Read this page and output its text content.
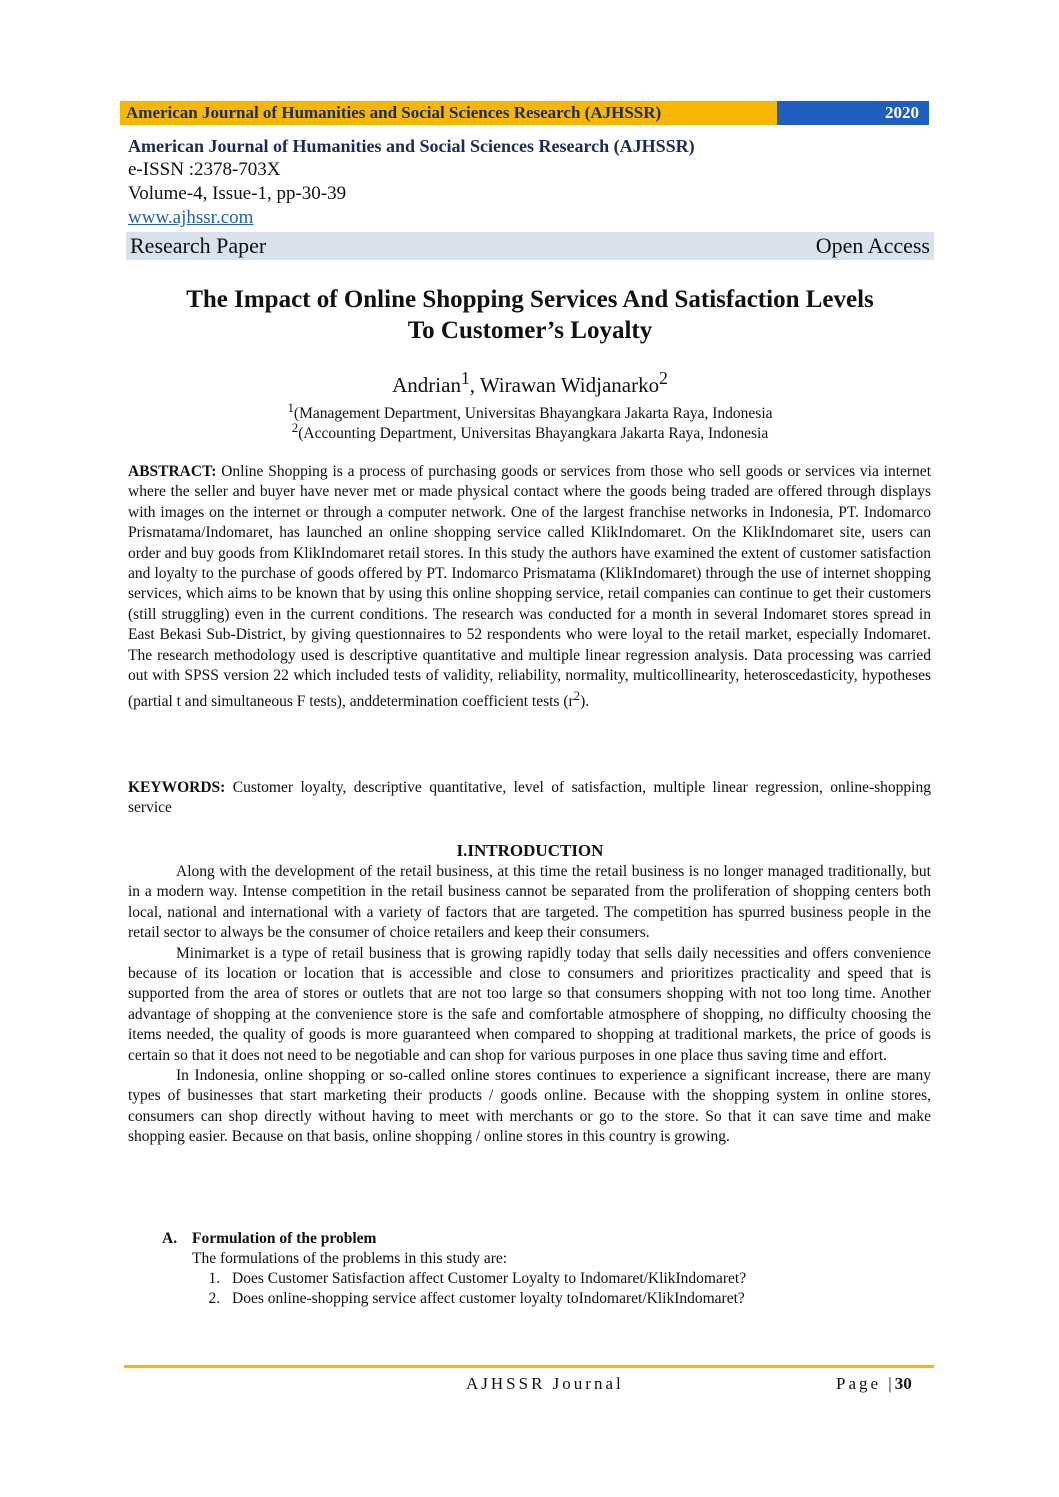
American Journal of Humanities and Social Sciences Research (AJHSSR)	2020
American Journal of Humanities and Social Sciences Research (AJHSSR)
e-ISSN :2378-703X
Volume-4, Issue-1, pp-30-39
www.ajhssr.com
Research Paper	Open Access
The Impact of Online Shopping Services And Satisfaction Levels
To Customer’s Loyalty
Andrian$^1$, Wirawan Widjanarko$^2$
$^1$(Management Department, Universitas Bhayangkara Jakarta Raya, Indonesia
$^2$(Accounting Department, Universitas Bhayangkara Jakarta Raya, Indonesia

ABSTRACT: Online Shopping is a process of purchasing goods or services from those who sell goods or services via internet where the seller and buyer have never met or made physical contact where the goods being traded are offered through displays with images on the internet or through a computer network. One of the largest franchise networks in Indonesia, PT. Indomarco Prismatama/Indomaret, has launched an online shopping service called KlikIndomaret. On the KlikIndomaret site, users can order and buy goods from KlikIndomaret retail stores. In this study the authors have examined the extent of customer satisfaction and loyalty to the purchase of goods offered by PT. Indomarco Prismatama (KlikIndomaret) through the use of internet shopping services, which aims to be known that by using this online shopping service, retail companies can continue to get their customers (still struggling) even in the current conditions. The research was conducted for a month in several Indomaret stores spread in East Bekasi Sub-District, by giving questionnaires to 52 respondents who were loyal to the retail market, especially Indomaret. The research methodology used is descriptive quantitative and multiple linear regression analysis. Data processing was carried out with SPSS version 22 which included tests of validity, reliability, normality, multicollinearity, heteroscedasticity, hypotheses (partial t and simultaneous F tests), anddetermination coefficient tests $(r^2)$.

KEYWORDS: Customer loyalty, descriptive quantitative, level of satisfaction, multiple linear regression, online-shopping service

I.INTRODUCTION

Along with the development of the retail business, at this time the retail business is no longer managed traditionally, but in a modern way. Intense competition in the retail business cannot be separated from the proliferation of shopping centers both local, national and international with a variety of factors that are targeted. The competition has spurred business people in the retail sector to always be the consumer of choice retailers and keep their consumers.

Minimarket is a type of retail business that is growing rapidly today that sells daily necessities and offers convenience because of its location or location that is accessible and close to consumers and prioritizes practicality and speed that is supported from the area of stores or outlets that are not too large so that consumers shopping with not too long time. Another advantage of shopping at the convenience store is the safe and comfortable atmosphere of shopping, no difficulty choosing the items needed, the quality of goods is more guaranteed when compared to shopping at traditional markets, the price of goods is certain so that it does not need to be negotiable and can shop for various purposes in one place thus saving time and effort.

In Indonesia, online shopping or so-called online stores continues to experience a significant increase, there are many types of businesses that start marketing their products / goods online. Because with the shopping system in online stores, consumers can shop directly without having to meet with merchants or go to the store. So that it can save time and make shopping easier. Because on that basis, online shopping / online stores in this country is growing.

A. Formulation of the problem
The formulations of the problems in this study are:
1. Does Customer Satisfaction affect Customer Loyalty to Indomaret/KlikIndomaret?
2. Does online-shopping service affect customer loyalty toIndomaret/KlikIndomaret?
AJHSSR Journal	Page |30
